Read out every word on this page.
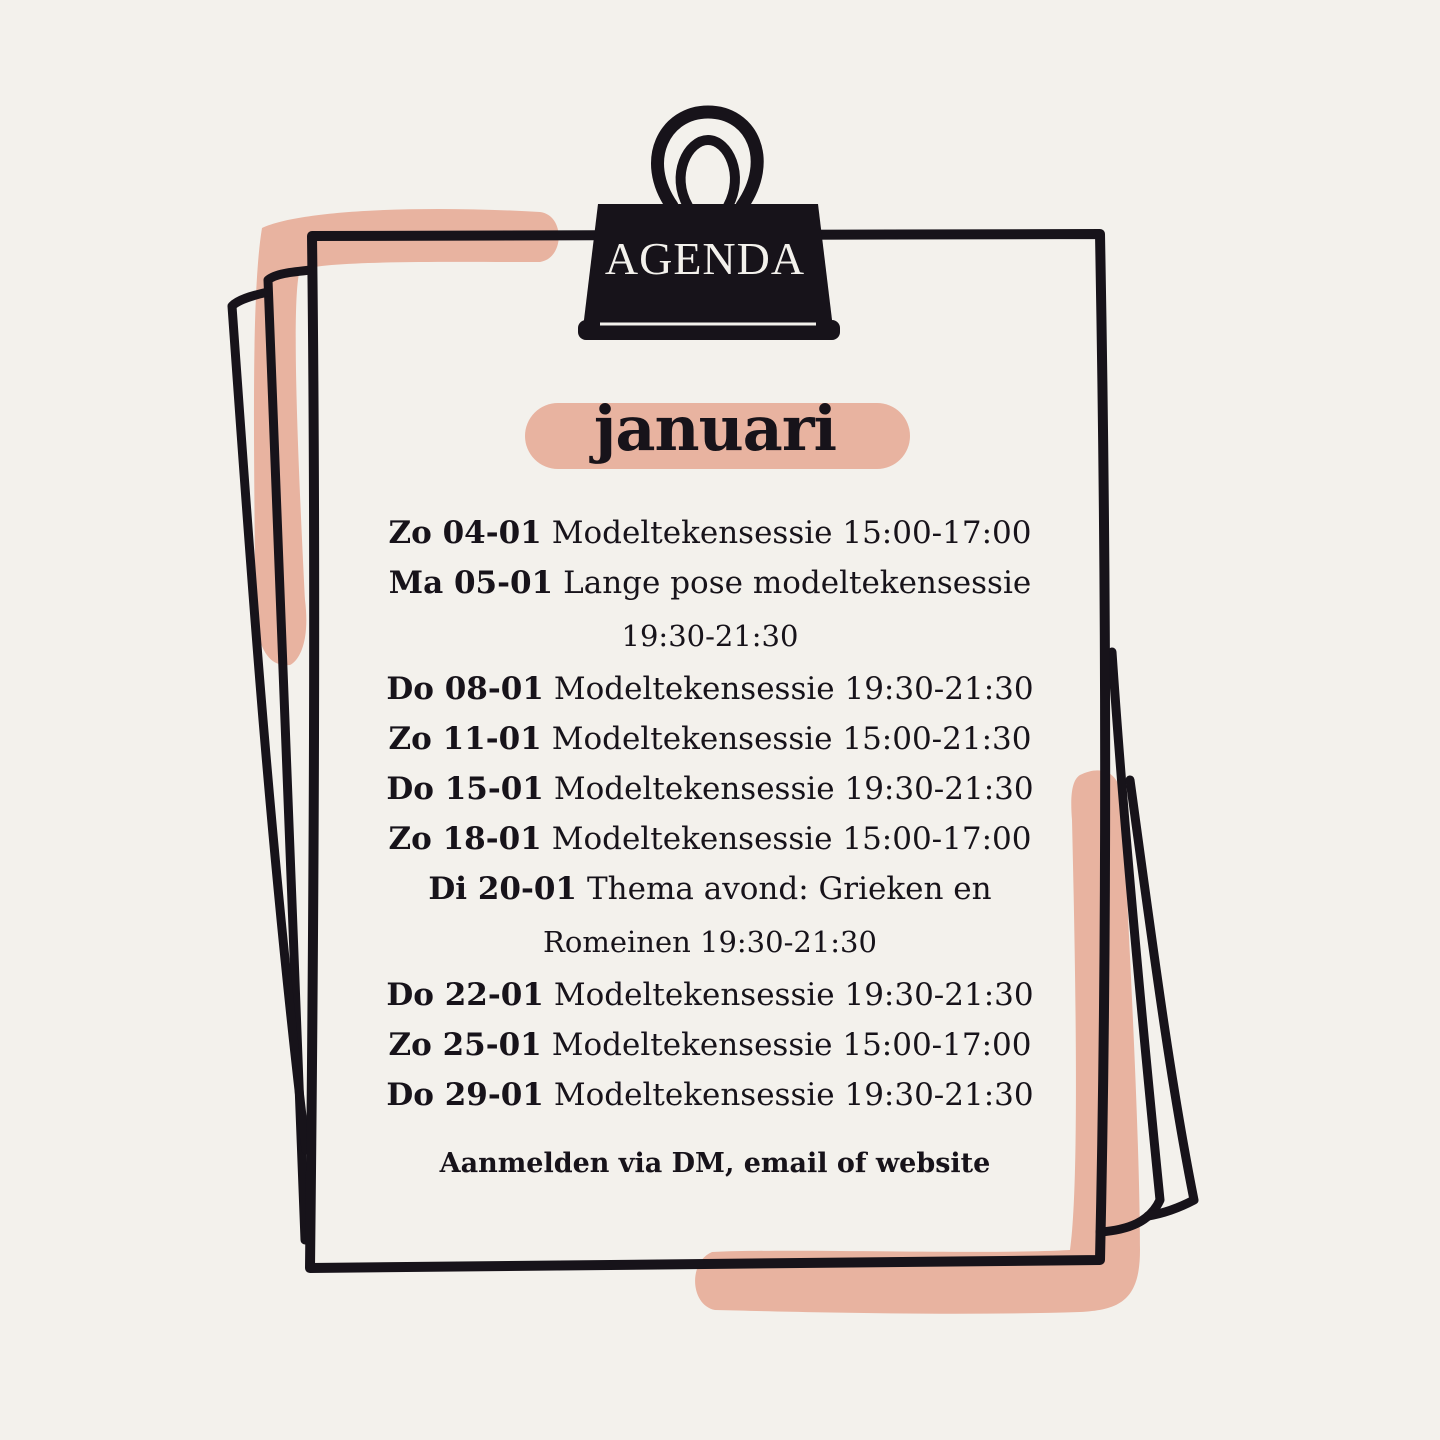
AGENDA
januari
Zo 04-01 Modeltekensessie 15:00-17:00
Ma 05-01 Lange pose modeltekensessie
19:30-21:30
Do 08-01 Modeltekensessie 19:30-21:30
Zo 11-01 Modeltekensessie 15:00-21:30
Do 15-01 Modeltekensessie 19:30-21:30
Zo 18-01 Modeltekensessie 15:00-17:00
Di 20-01 Thema avond: Grieken en
Romeinen 19:30-21:30
Do 22-01 Modeltekensessie 19:30-21:30
Zo 25-01 Modeltekensessie 15:00-17:00
Do 29-01 Modeltekensessie 19:30-21:30
Aanmelden via DM, email of website
